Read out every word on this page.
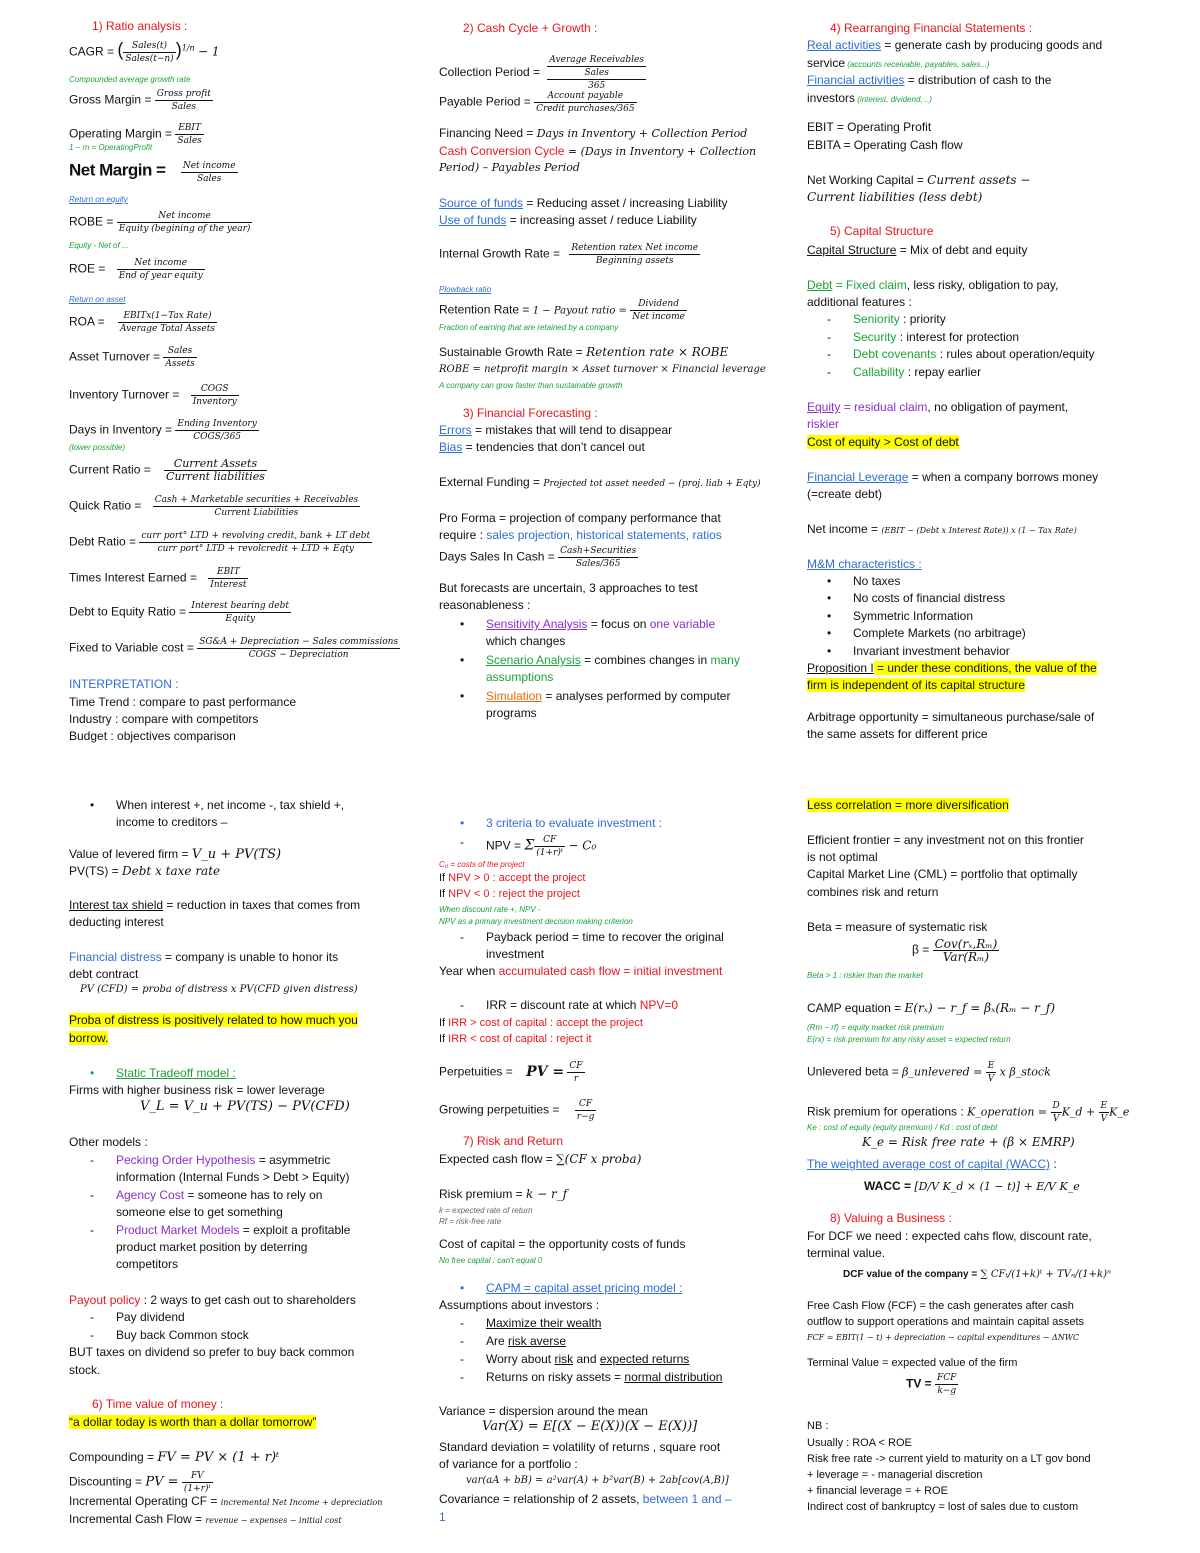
1) Ratio analysis :
CAGR = ( $\frac{\text{Sales(t)}}{\text{Sales(t−n)}} )^{1/n} - 1$
Compounded average growth rate
Gross Margin = $\frac{\text{Gross profit}}{\text{Sales}}$
Operating Margin = $\frac{\text{EBIT}}{\text{Sales}}$
1 − m = OperatingProfit
Net Margin = $\frac{\text{Net income}}{\text{Sales}}$
Return on equity
ROBE = $\frac{\text{Net income}}{\text{Equity (begining of the year)}}$
Equity - Net of ...
ROE = $\frac{\text{Net income}}{\text{End of year equity}}$
Return on asset
ROA = $\frac{\text{EBITx(1−Tax Rate)}}{\text{Average Total Assets}}$
Asset Turnover = $\frac{\text{Sales}}{\text{Assets}}$
Inventory Turnover = $\frac{\text{COGS}}{\text{Inventory}}$
Days in Inventory = $\frac{\text{Ending Inventory}}{\text{COGS/365}}$
(lower possible)
Current Ratio = $\frac{\text{Current Assets}}{\text{Current liabilities}}$
Quick Ratio = $\frac{\text{Cash + Marketable securities + Receivables}}{\text{Current Liabilities}}$
Debt Ratio = $\frac{\text{curr port° LTD + revolving credit, bank + LT debt}}{\text{curr port° LTD + revolcredit + LTD + Eqty}}$
Times Interest Earned = $\frac{\text{EBIT}}{\text{Interest}}$
Debt to Equity Ratio = $\frac{\text{Interest bearing debt}}{\text{Equity}}$
Fixed to Variable $\cos t = \frac{\text{SG\&A + Depreciation − Sales commissions}}{\text{COGS − Depreciation}}$
INTERPRETATION :
Time Trend : compare to past performance
Industry : compare with competitors
Budget : objectives comparison
• When interest +, net income -, tax shield +,
income to creditors –
Value of levered firm = V_u + PV(TS)
PV(TS) = Debt x taxe rate
Interest tax shield = reduction in taxes that comes from
deducting interest
Financial distress = company is unable to honor its
debt contract
PV (CFD) = proba of distress x PV(CFD given distress)
Proba of distress is positively related to how much you
borrow.
• Static Tradeoff model :
Firms with higher business risk = lower leverage
V_L = V_u + PV(TS) − PV(CFD)
Other models :
- Pecking Order Hypothesis = asymmetric
information (Internal Funds > Debt > Equity)
- Agency Cost = someone has to rely on
someone else to get something
- Product Market Models = exploit a profitable
product market position by deterring
competitors
Payout policy : 2 ways to get cash out to shareholders
- Pay dividend
- Buy back Common stock
BUT taxes on dividend so prefer to buy back common
stock.
6) Time value of money :
“a dollar today is worth than a dollar tomorrow”
Compounding = FV = PV × (1 + r)ᵗ
Discounting = PV = $\frac{FV}{\text{(1+r)ᵗ}}$
Incremental Operating CF = incremental Net Income + depreciation
Incremental Cash Flow = revenue − expenses − initial cost
2) Cash Cycle + Growth :
Collection Period =
Average Receivables
Sales
365
Payable Period = $\frac{\text{Account payable}}{\text{Credit purchases/365}}$
Financing Need = Days in Inventory + Collection Period
Cash Conversion Cycle = (Days in Inventory + Collection
Period) – Payables Period
Source of funds = Reducing asset / increasing Liability
Use of funds = increasing asset / reduce Liability
Internal Growth Rate = $\frac{\text{Retention ratex Net income}}{\text{Beginning assets}}$
Plowback ratio
Retention Rate = 1 − Payout ratio = $\frac{\text{Dividend}}{\text{Net income}}$
Fraction of earning that are retained by a company
Sustainable Growth Rate = Retention rate × ROBE
ROBE = netprofit margin × Asset turnover × Financial leverage
A company can grow faster than sustainable growth
3) Financial Forecasting :
Errors = mistakes that will tend to disappear
Bias = tendencies that don’t cancel out
External Funding = Projected tot asset needed − (proj. liab + Eqty)
Pro Forma = projection of company performance that
require : sales projection, historical statements, ratios
Days Sales In Cash = $\frac{\text{Cash+Securities}}{\text{Sales/365}}$
But forecasts are uncertain, 3 approaches to test
reasonableness :
• Sensitivity Analysis = focus on one variable
which changes
• Scenario Analysis = combines changes in many
assumptions
• Simulation = analyses performed by computer
programs
• 3 criteria to evaluate investment :
- NPV = Σ $\frac{CF}{\text{(1+r)ᵗ}} - C_0$
C₀ = costs of the project
If NPV > 0 : accept the project
If NPV < 0 : reject the project
When discount rate +, NPV -
NPV as a primary investment decision making criterion
- Payback period = time to recover the original
investment
Year when accumulated cash flow = initial investment
- IRR = discount rate at which NPV=0
If IRR > cost of capital : accept the project
If IRR < cost of capital : reject it
Perpetuities = PV = $\frac{CF}{r}$
Growing perpetuities = $\frac{CF}{r-g}$
7) Risk and Return
Expected cash flow = ∑(CF x proba)
Risk premium = k − r_f
k = expected rate of return
Rf = risk-free rate
Cost of capital = the opportunity costs of funds
No free capital : can't equal 0
• CAPM = capital asset pricing model :
Assumptions about investors :
- Maximize their wealth
- Are risk averse
- Worry about risk and expected returns
- Returns on risky assets = normal distribution
Variance = dispersion around the mean
Var(X) = E[(X − E(X))(X − E(X))]
Standard deviation = volatility of returns , square root
of variance for a portfolio :
var(aA + bB) = a²var(A) + b²var(B) + 2ab[cov(A,B)]
Covariance = relationship of 2 assets, between 1 and –
1
4) Rearranging Financial Statements :
Real activities = generate cash by producing goods and
service (accounts receivable, payables, sales...)
Financial activities = distribution of cash to the
investors (interest, dividend, ..)
EBIT = Operating Profit
EBITA = Operating Cash flow
Net Working Capital = Current assets −
Current liabilities (less debt)
5) Capital Structure
Capital Structure = Mix of debt and equity
Debt = Fixed claim, less risky, obligation to pay,
additional features :
- Seniority : priority
- Security : interest for protection
- Debt covenants : rules about operation/equity
- Callability : repay earlier
Equity = residual claim, no obligation of payment,
riskier
Cost of equity > Cost of debt
Financial Leverage = when a company borrows money
(=create debt)
Net income = (EBIT − (Debt x Interest Rate)) x (1 − Tax Rate)
M&M characteristics :
• No taxes
• No costs of financial distress
• Symmetric Information
• Complete Markets (no arbitrage)
• Invariant investment behavior
Proposition I = under these conditions, the value of the
firm is independent of its capital structure
Arbitrage opportunity = simultaneous purchase/sale of
the same assets for different price
Less correlation = more diversification
Efficient frontier = any investment not on this frontier
is not optimal
Capital Market Line (CML) = portfolio that optimally
combines risk and return
Beta = measure of systematic risk
$\beta = \frac{\text{Cov(rₓ,Rₘ)}}{\text{Var(Rₘ)}}$
Beta > 1 : riskier than the market
CAMP equation = E(rₓ) − r_f = βₓ(Rₘ − r_f)
(Rm − rf) = equity market risk premium
E(rx) = risk premium for any risky asset = expected return
Unlevered beta = β_unlevered = $\frac{E}{V}$ x β_stock
Risk premium for operations : K_operation = $\frac{D}{V}$ K_d + $\frac{E}{V}$ K_e
Ke : cost of equity (equity premium) / Kd : cost of debt
K_e = Risk free rate + (β × EMRP)
The weighted average cost of capital (WACC) :
WACC = [D/V K_d × (1 − t)] + E/V K_e
8) Valuing a Business :
For DCF we need : expected cahs flow, discount rate,
terminal value.
DCF value of the company = ∑ CFₜ/(1+k)ᵗ + TVₙ/(1+k)ⁿ
Free Cash Flow (FCF) = the cash generates after cash
outflow to support operations and maintain capital assets
FCF = EBIT(1 − t) + depreciation − capital expenditures − ΔNWC
Terminal Value = expected value of the firm
TV = $\frac{\text{FCF}}{k-g}$
NB :
Usually : ROA < ROE
Risk free rate -> current yield to maturity on a LT gov bond
+ leverage = - managerial discretion
+ financial leverage = + ROE
Indirect cost of bankruptcy = lost of sales due to custom
